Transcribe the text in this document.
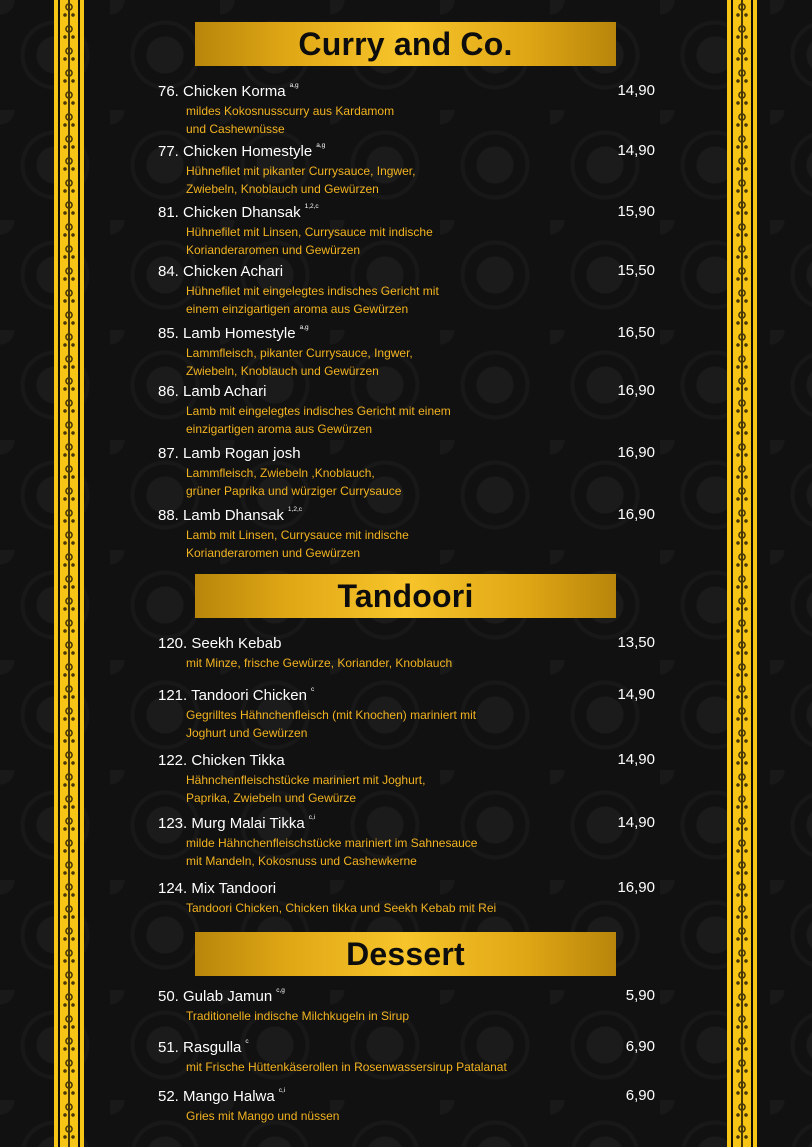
Curry and Co.
76. Chicken Korma $^{a,g}$	14,90
mildes Kokosnusscurry aus Kardamom
und Cashewnüsse
77. Chicken Homestyle $^{a,g}$	14,90
Hühnefilet mit pikanter Currysauce, Ingwer,
Zwiebeln, Knoblauch und Gewürzen
81. Chicken Dhansak $^{1,2,c}$	15,90
Hühnefilet mit Linsen, Currysauce mit indische
Korianderaromen und Gewürzen
84. Chicken Achari	15,50
Hühnefilet mit eingelegtes indisches Gericht mit
einem einzigartigen aroma aus Gewürzen
85. Lamb Homestyle $^{a,g}$	16,50
Lammfleisch, pikanter Currysauce, Ingwer,
Zwiebeln, Knoblauch und Gewürzen
86. Lamb Achari	16,90
Lamb mit eingelegtes indisches Gericht mit einem
einzigartigen aroma aus Gewürzen
87. Lamb Rogan josh	16,90
Lammfleisch, Zwiebeln ,Knoblauch,
grüner Paprika und würziger Currysauce
88. Lamb Dhansak $^{1,2,c}$	16,90
Lamb mit Linsen, Currysauce mit indische
Korianderaromen und Gewürzen
Tandoori
120. Seekh Kebab	13,50
mit Minze, frische Gewürze, Koriander, Knoblauch
121. Tandoori Chicken $^c$	14,90
Gegrilltes Hähnchenfleisch (mit Knochen) mariniert mit
Joghurt und Gewürzen
122. Chicken Tikka	14,90
Hähnchenfleischstücke mariniert mit Joghurt,
Paprika, Zwiebeln und Gewürze
123. Murg Malai Tikka $^{c,i}$	14,90
milde Hähnchenfleischstücke mariniert im Sahnesauce
mit Mandeln, Kokosnuss und Cashewkerne
124. Mix Tandoori	16,90
Tandoori Chicken, Chicken tikka und Seekh Kebab mit Rei
Dessert
50. Gulab Jamun $^{c,g}$	5,90
Traditionelle indische Milchkugeln in Sirup
51. Rasgulla $^c$	6,90
mit Frische Hüttenkäserollen in Rosenwassersirup Patalanat
52. Mango Halwa $^{c,i}$	6,90
Gries mit Mango und nüssen
